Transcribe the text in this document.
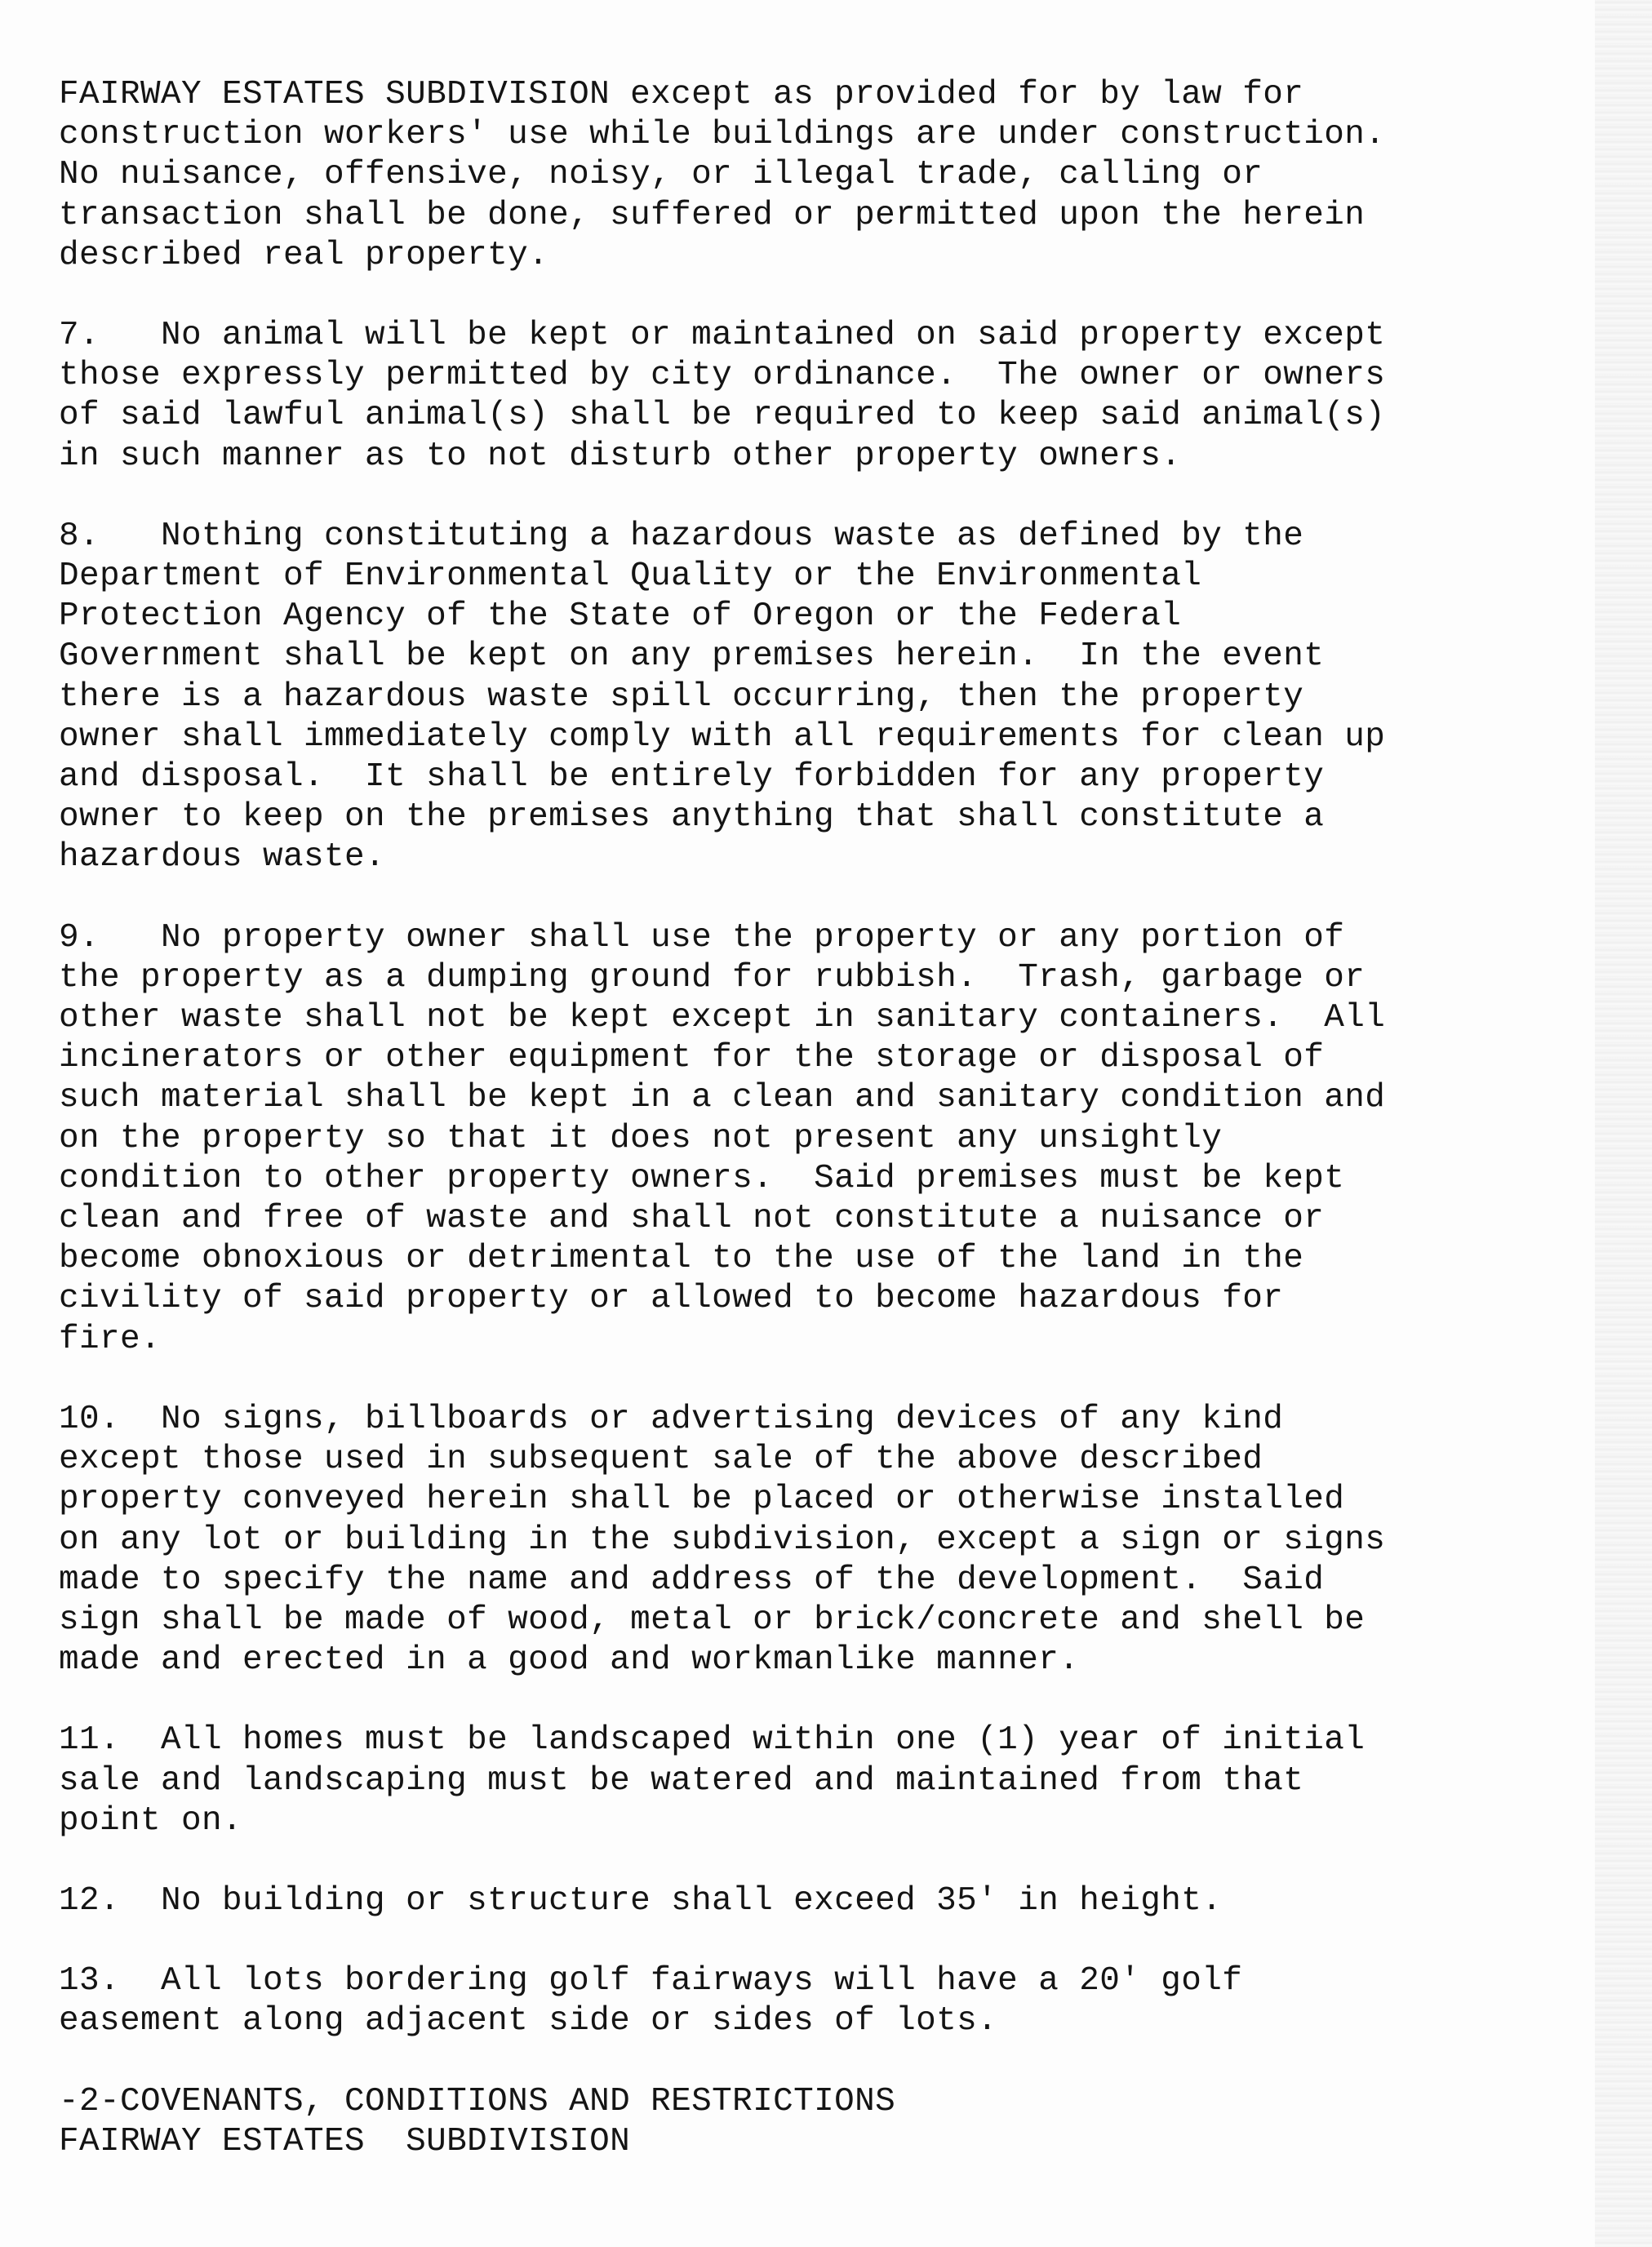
FAIRWAY ESTATES SUBDIVISION except as provided for by law for
construction workers' use while buildings are under construction.
No nuisance, offensive, noisy, or illegal trade, calling or
transaction shall be done, suffered or permitted upon the herein
described real property.
7.   No animal will be kept or maintained on said property except
those expressly permitted by city ordinance.  The owner or owners
of said lawful animal(s) shall be required to keep said animal(s)
in such manner as to not disturb other property owners.
8.   Nothing constituting a hazardous waste as defined by the
Department of Environmental Quality or the Environmental
Protection Agency of the State of Oregon or the Federal
Government shall be kept on any premises herein.  In the event
there is a hazardous waste spill occurring, then the property
owner shall immediately comply with all requirements for clean up
and disposal.  It shall be entirely forbidden for any property
owner to keep on the premises anything that shall constitute a
hazardous waste.
9.   No property owner shall use the property or any portion of
the property as a dumping ground for rubbish.  Trash, garbage or
other waste shall not be kept except in sanitary containers.  All
incinerators or other equipment for the storage or disposal of
such material shall be kept in a clean and sanitary condition and
on the property so that it does not present any unsightly
condition to other property owners.  Said premises must be kept
clean and free of waste and shall not constitute a nuisance or
become obnoxious or detrimental to the use of the land in the
civility of said property or allowed to become hazardous for
fire.
10.  No signs, billboards or advertising devices of any kind
except those used in subsequent sale of the above described
property conveyed herein shall be placed or otherwise installed
on any lot or building in the subdivision, except a sign or signs
made to specify the name and address of the development.  Said
sign shall be made of wood, metal or brick/concrete and shell be
made and erected in a good and workmanlike manner.
11.  All homes must be landscaped within one (1) year of initial
sale and landscaping must be watered and maintained from that
point on.
12.  No building or structure shall exceed 35' in height.
13.  All lots bordering golf fairways will have a 20' golf
easement along adjacent side or sides of lots.
-2-COVENANTS, CONDITIONS AND RESTRICTIONS
FAIRWAY ESTATES  SUBDIVISION
